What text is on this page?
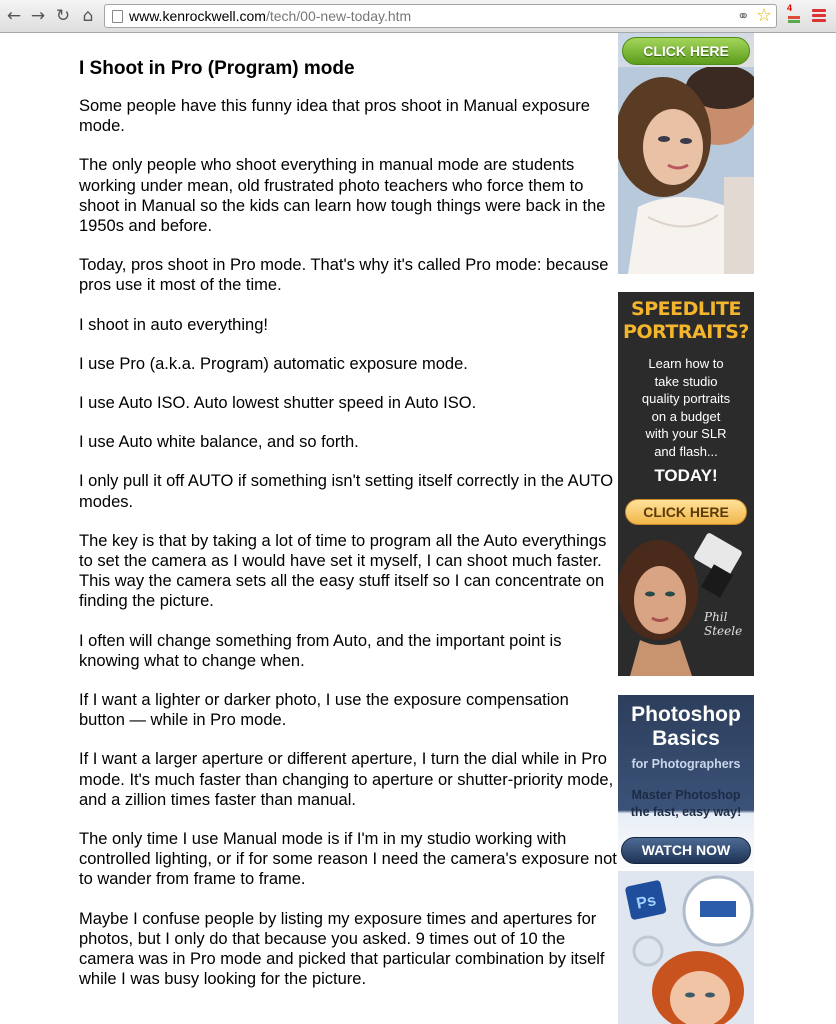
← → ↻ ⌂	www.kenrockwell.com/tech/00-new-today.htm	⚭ ☆ 4
I Shoot in Pro (Program) mode

Some people have this funny idea that pros shoot in Manual exposure mode.

The only people who shoot everything in manual mode are students working under mean, old frustrated photo teachers who force them to shoot in Manual so the kids can learn how tough things were back in the 1950s and before.

Today, pros shoot in Pro mode. That's why it's called Pro mode: because pros use it most of the time.

I shoot in auto everything!

I use Pro (a.k.a. Program) automatic exposure mode.

I use Auto ISO. Auto lowest shutter speed in Auto ISO.

I use Auto white balance, and so forth.

I only pull it off AUTO if something isn't setting itself correctly in the AUTO modes.

The key is that by taking a lot of time to program all the Auto everythings to set the camera as I would have set it myself, I can shoot much faster. This way the camera sets all the easy stuff itself so I can concentrate on finding the picture.

I often will change something from Auto, and the important point is knowing what to change when.

If I want a lighter or darker photo, I use the exposure compensation button — while in Pro mode.

If I want a larger aperture or different aperture, I turn the dial while in Pro mode. It's much faster than changing to aperture or shutter-priority mode, and a zillion times faster than manual.

The only time I use Manual mode is if I'm in my studio working with controlled lighting, or if for some reason I need the camera's exposure not to wander from frame to frame.

Maybe I confuse people by listing my exposure times and apertures for photos, but I only do that because you asked. 9 times out of 10 the camera was in Pro mode and picked that particular combination by itself while I was busy looking for the picture.

CLICK HERE
SPEEDLITE
PORTRAITS?
Learn how to
take studio
quality portraits
on a budget
with your SLR
and flash...
TODAY!
CLICK HERE
Phil
Steele
Photoshop
Basics
for Photographers
Master Photoshop
the fast, easy way!
WATCH NOW
Ps
